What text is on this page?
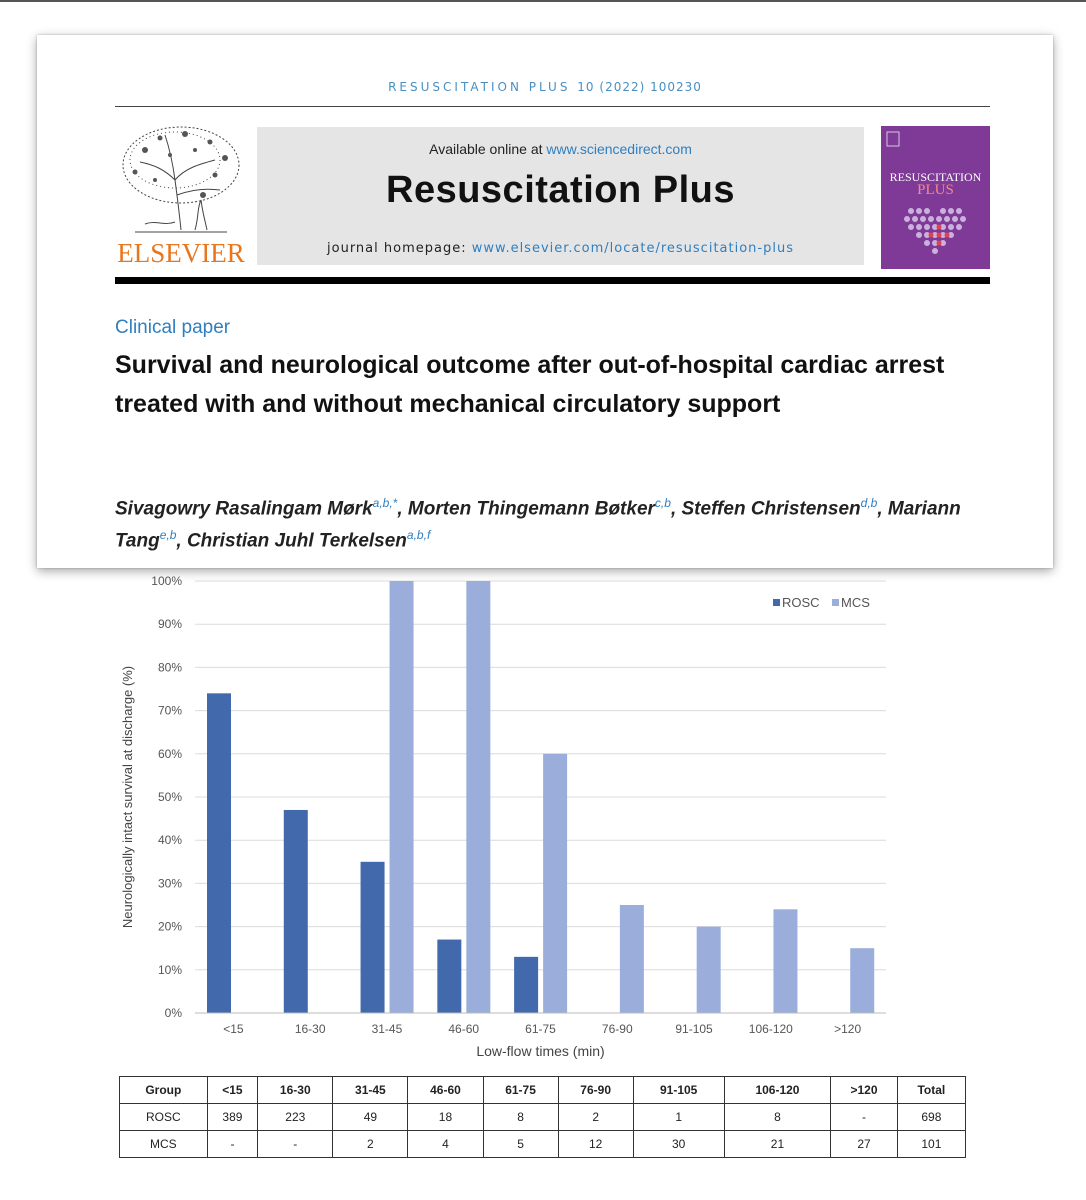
RESUSCITATION PLUS 10 (2022) 100230
ELSEVIER
Available online at www.sciencedirect.com
Resuscitation Plus
journal homepage: www.elsevier.com/locate/resuscitation-plus
RESUSCITATION
PLUS
Clinical paper
Survival and neurological outcome after out-of-hospital cardiac arrest treated with and without mechanical circulatory support
Sivagowry Rasalingam Mørk$^{a,b,*}$, Morten Thingemann Bøtker$^{c,b}$, Steffen Christensen$^{d,b}$, Mariann Tang$^{e,b}$, Christian Juhl Terkelsen$^{a,b,f}$
0%
10%
20%
30%
40%
50%
60%
70%
80%
90%
100%
<15	16-30	31-45	46-60	61-75	76-90	91-105	106-120	>120
Low-flow times (min)
Neurologically intact survival at discharge (%)
ROSC MCS
Group	<15	16-30	31-45	46-60	61-75	76-90	91-105	106-120	>120	Total
ROSC	389	223	49	18	8	2	1	8	-	698
MCS	-	-	2	4	5	12	30	21	27	101
